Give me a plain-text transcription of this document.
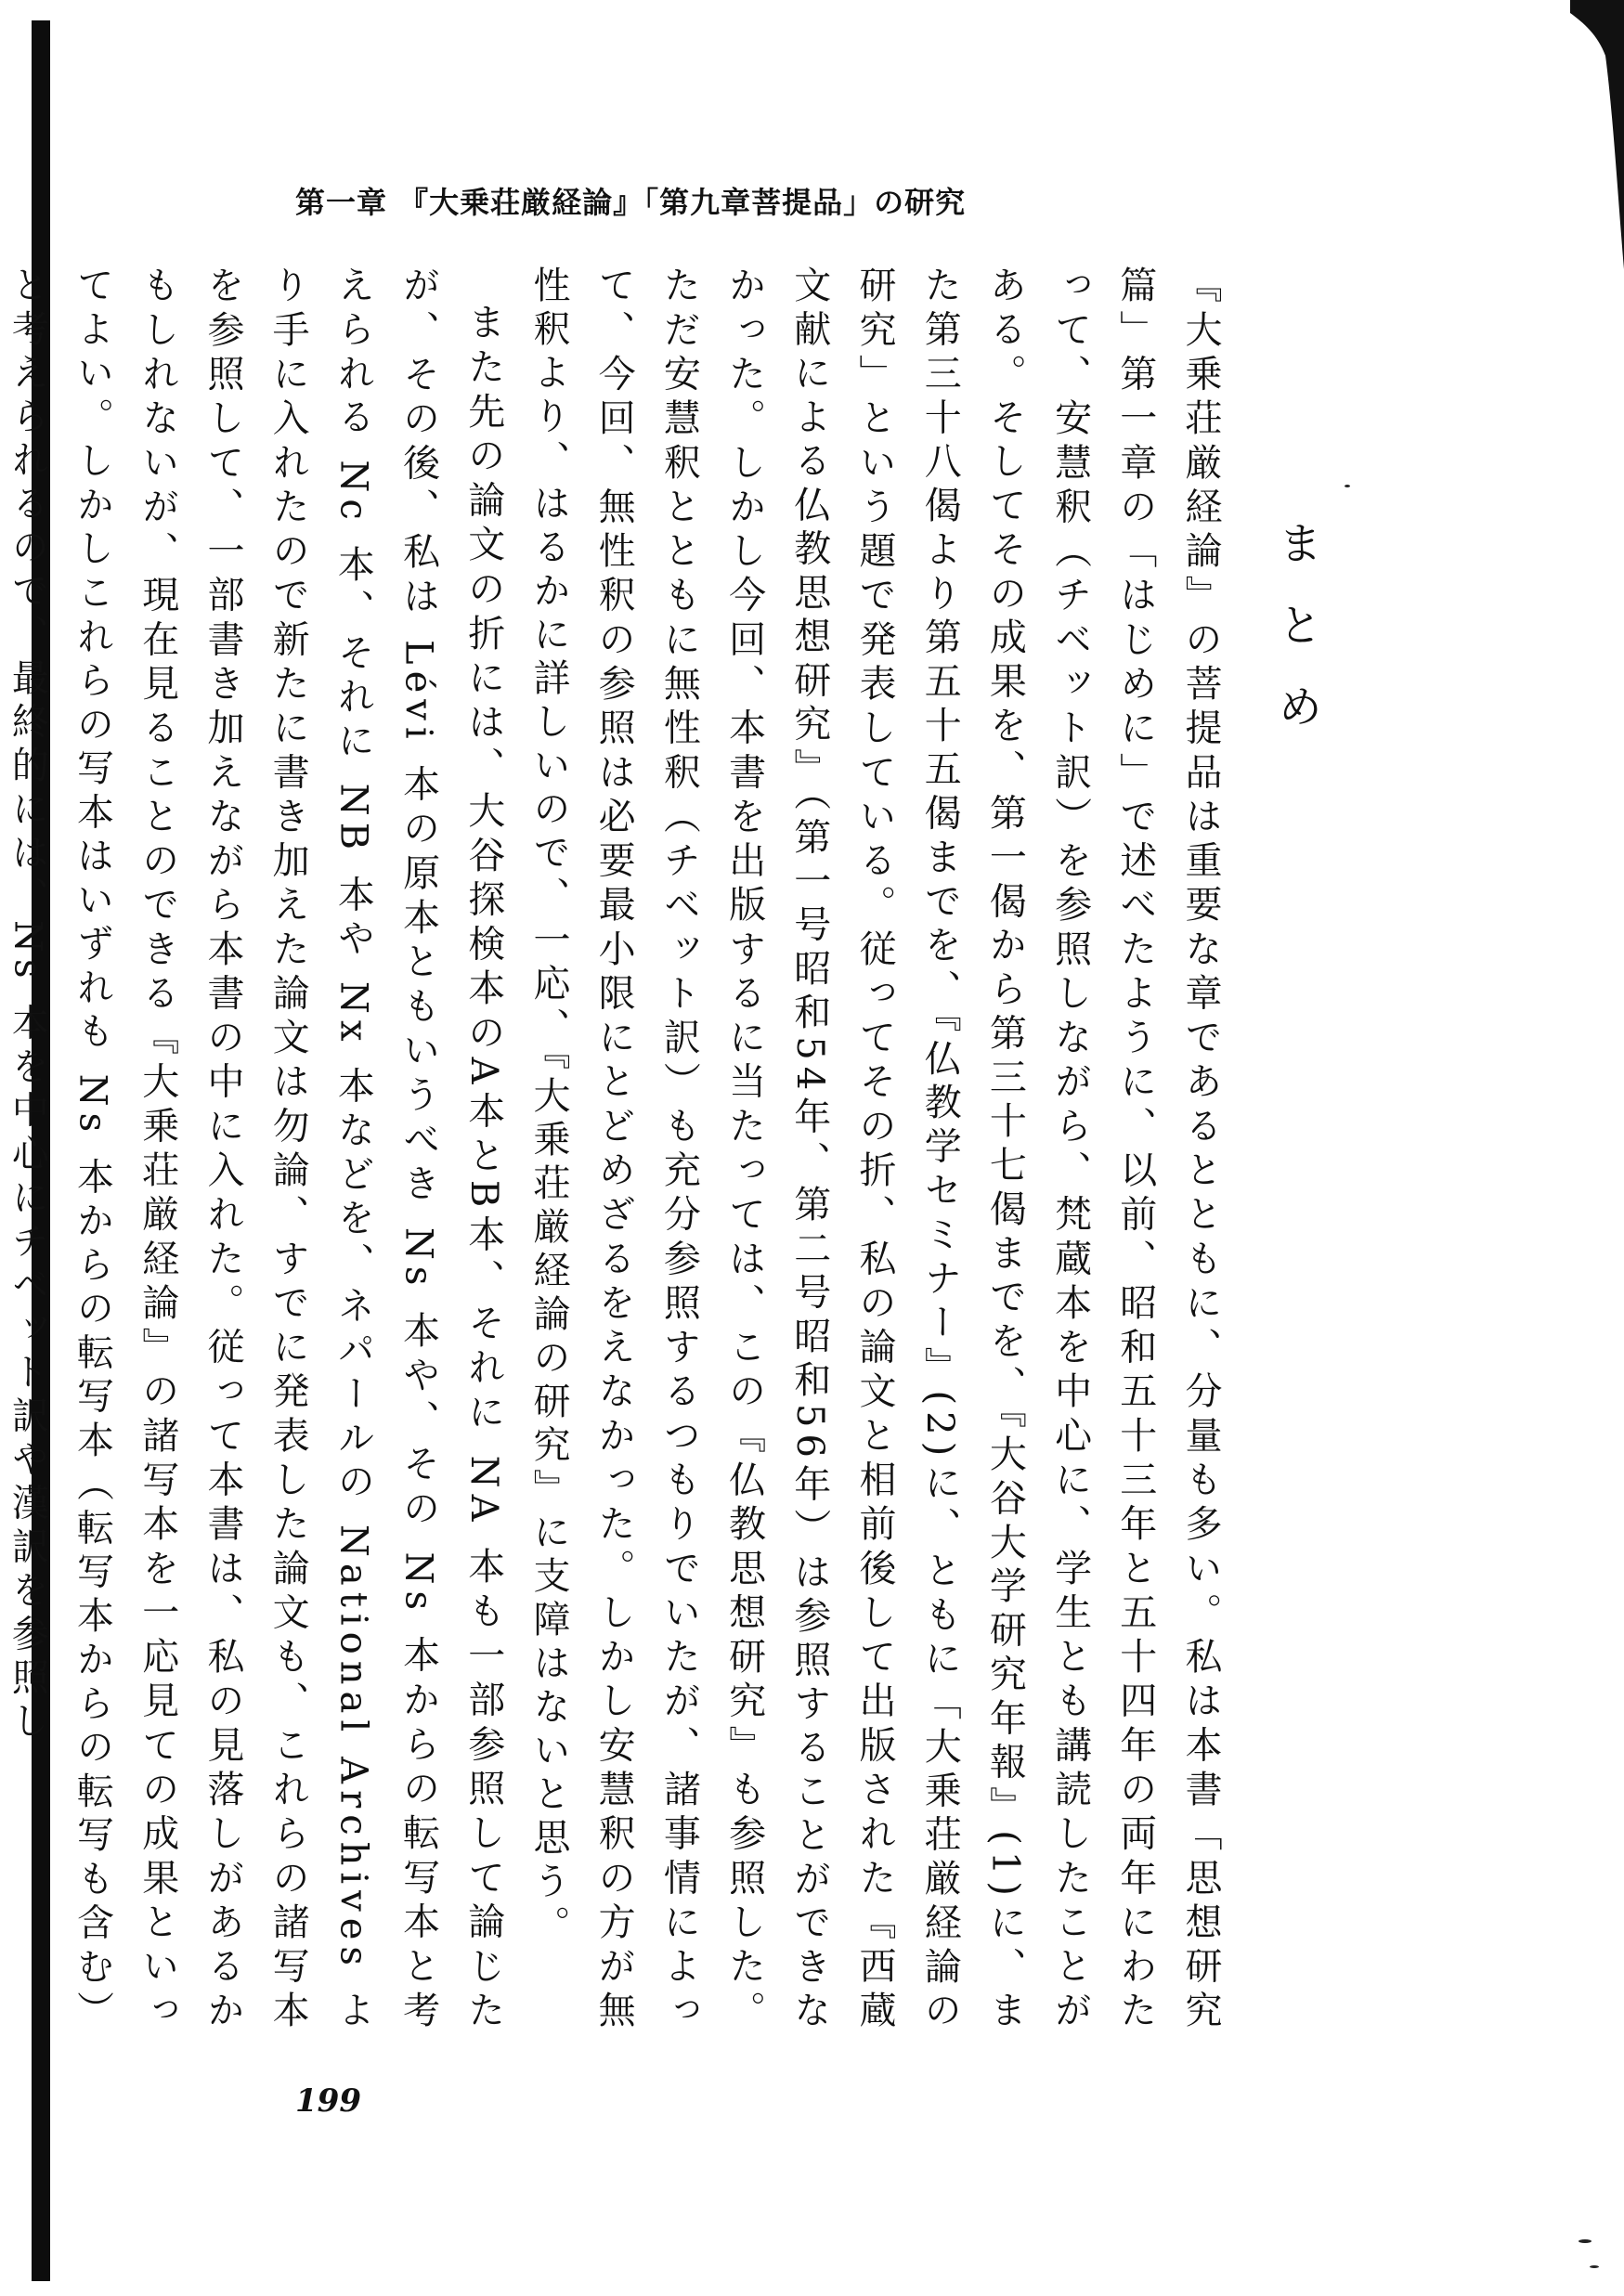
第一章 『大乗荘厳経論』「第九章菩提品」の研究
まとめ

『大乗荘厳経論』の菩提品は重要な章であるとともに、分量も多い。私は本書「思想研究篇」第一章の「はじめに」で述べたように、以前、昭和五十三年と五十四年の両年にわたって、安慧釈（チベット訳）を参照しながら、梵蔵本を中心に、学生とも講読したことがある。そしてその成果を、第一偈から第三十七偈までを、『大谷大学研究年報』(1)に、また第三十八偈より第五十五偈までを、『仏教学セミナー』(2)に、ともに「大乗荘厳経論の研究」という題で発表している。従ってその折、私の論文と相前後して出版された『西蔵文献による仏教思想研究』（第一号昭和54年、第二号昭和56年）は参照することができなかった。しかし今回、本書を出版するに当たっては、この『仏教思想研究』も参照した。ただ安慧釈とともに無性釈（チベット訳）も充分参照するつもりでいたが、諸事情によって、今回、無性釈の参照は必要最小限にとどめざるをえなかった。しかし安慧釈の方が無性釈より、はるかに詳しいので、一応、『大乗荘厳経論の研究』に支障はないと思う。

また先の論文の折には、大谷探検本のA本とB本、それに NA 本も一部参照して論じたが、その後、私は Lévi 本の原本ともいうべき Ns 本や、その Ns 本からの転写本と考えられる Nc 本、それに NB 本や Nx 本などを、ネパールの National Archives より手に入れたので新たに書き加えた論文は勿論、すでに発表した論文も、これらの諸写本を参照して、一部書き加えながら本書の中に入れた。従って本書は、私の見落しがあるかもしれないが、現在見ることのできる『大乗荘厳経論』の諸写本を一応見ての成果といってよい。しかしこれらの写本はいずれも Ns 本からの転写本（転写本からの転写も含む）と考えられるので、最終的には、Ns 本を中心にチベット訳や漢訳を参照し

199
